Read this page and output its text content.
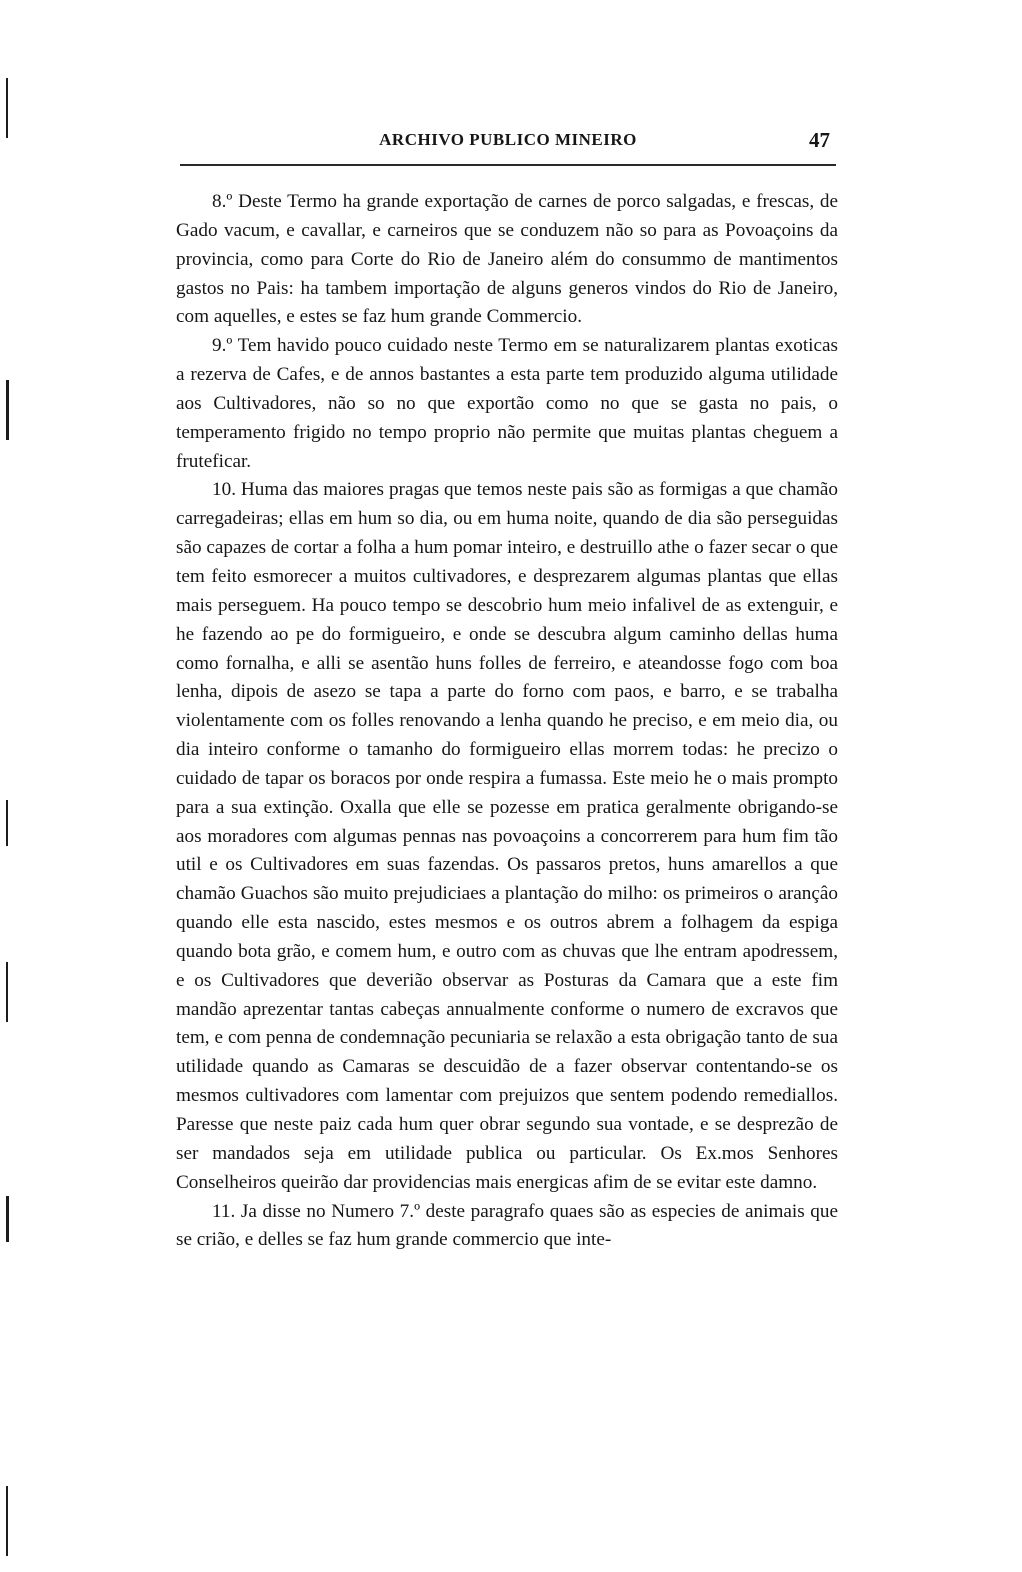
ARCHIVO PUBLICO MINEIRO	47

8.º Deste Termo ha grande exportação de carnes de porco salgadas, e frescas, de Gado vacum, e cavallar, e carneiros que se conduzem não so para as Povoaçoins da provincia, como para Corte do Rio de Janeiro além do consummo de mantimentos gastos no Pais: ha tambem importação de alguns generos vindos do Rio de Janeiro, com aquelles, e estes se faz hum grande Commercio.

9.º Tem havido pouco cuidado neste Termo em se naturalizarem plantas exoticas a rezerva de Cafes, e de annos bastantes a esta parte tem produzido alguma utilidade aos Cultivadores, não so no que exportão como no que se gasta no pais, o temperamento frigido no tempo proprio não permite que muitas plantas cheguem a fruteficar.

10. Huma das maiores pragas que temos neste pais são as formigas a que chamão carregadeiras; ellas em hum so dia, ou em huma noite, quando de dia são perseguidas são capazes de cortar a folha a hum pomar inteiro, e destruillo athe o fazer secar o que tem feito esmorecer a muitos cultivadores, e desprezarem algumas plantas que ellas mais perseguem. Ha pouco tempo se descobrio hum meio infalivel de as extenguir, e he fazendo ao pe do formigueiro, e onde se descubra algum caminho dellas huma como fornalha, e alli se asentão huns folles de ferreiro, e ateandosse fogo com boa lenha, dipois de asezo se tapa a parte do forno com paos, e barro, e se trabalha violentamente com os folles renovando a lenha quando he preciso, e em meio dia, ou dia inteiro conforme o tamanho do formigueiro ellas morrem todas: he precizo o cuidado de tapar os boracos por onde respira a fumassa. Este meio he o mais prompto para a sua extinção. Oxalla que elle se pozesse em pratica geralmente obrigando-se aos moradores com algumas pennas nas povoaçoins a concorrerem para hum fim tão util e os Cultivadores em suas fazendas. Os passaros pretos, huns amarellos a que chamão Guachos são muito prejudiciaes a plantação do milho: os primeiros o arançâo quando elle esta nascido, estes mesmos e os outros abrem a folhagem da espiga quando bota grão, e comem hum, e outro com as chuvas que lhe entram apodressem, e os Cultivadores que deverião observar as Posturas da Camara que a este fim mandão aprezentar tantas cabeças annualmente conforme o numero de excravos que tem, e com penna de condemnação pecuniaria se relaxão a esta obrigação tanto de sua utilidade quando as Camaras se descuidão de a fazer observar contentando-se os mesmos cultivadores com lamentar com prejuizos que sentem podendo remediallos. Paresse que neste paiz cada hum quer obrar segundo sua vontade, e se desprezão de ser mandados seja em utilidade publica ou particular. Os Ex.mos Senhores Conselheiros queirão dar providencias mais energicas afim de se evitar este damno.

11. Ja disse no Numero 7.º deste paragrafo quaes são as especies de animais que se crião, e delles se faz hum grande commercio que inte-
